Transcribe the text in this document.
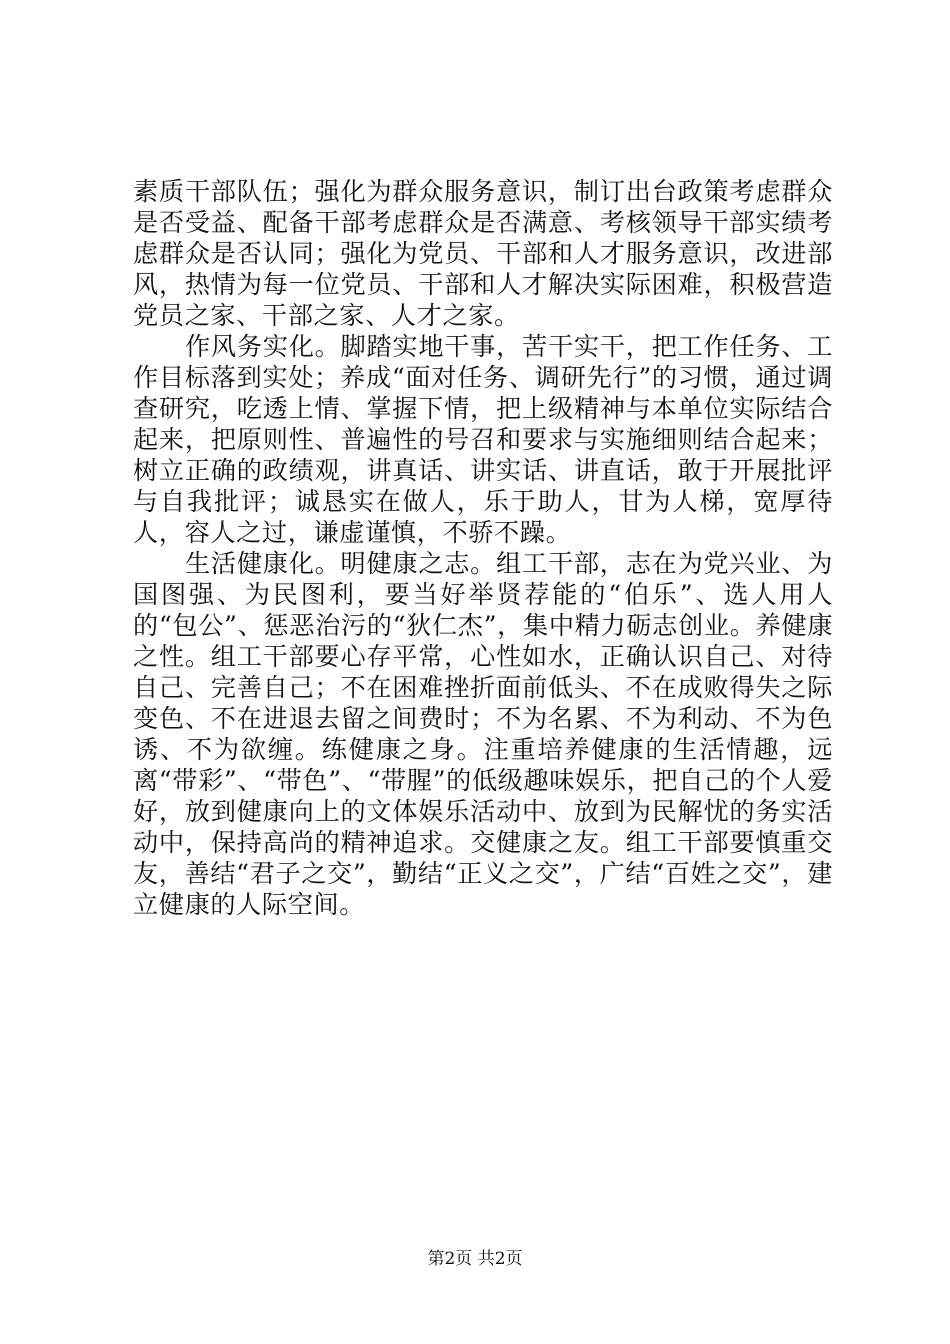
素质干部队伍；强化为群众服务意识，制订出台政策考虑群众是否受益、配备干部考虑群众是否满意、考核领导干部实绩考虑群众是否认同；强化为党员、干部和人才服务意识，改进部风，热情为每一位党员、干部和人才解决实际困难，积极营造党员之家、干部之家、人才之家。

作风务实化。脚踏实地干事，苦干实干，把工作任务、工作目标落到实处；养成“面对任务、调研先行”的习惯，通过调查研究，吃透上情、掌握下情，把上级精神与本单位实际结合起来，把原则性、普遍性的号召和要求与实施细则结合起来；树立正确的政绩观，讲真话、讲实话、讲直话，敢于开展批评与自我批评；诚恳实在做人，乐于助人，甘为人梯，宽厚待人，容人之过，谦虚谨慎，不骄不躁。

生活健康化。明健康之志。组工干部，志在为党兴业、为国图强、为民图利，要当好举贤荐能的“伯乐”、选人用人的“包公”、惩恶治污的“狄仁杰”，集中精力砺志创业。养健康之性。组工干部要心存平常，心性如水，正确认识自己、对待自己、完善自己；不在困难挫折面前低头、不在成败得失之际变色、不在进退去留之间费时；不为名累、不为利动、不为色诱、不为欲缠。练健康之身。注重培养健康的生活情趣，远离“带彩”、“带色”、“带腥”的低级趣味娱乐，把自己的个人爱好，放到健康向上的文体娱乐活动中、放到为民解忧的务实活动中，保持高尚的精神追求。交健康之友。组工干部要慎重交友，善结“君子之交”，勤结“正义之交”，广结“百姓之交”，建立健康的人际空间。

第2页 共2页
